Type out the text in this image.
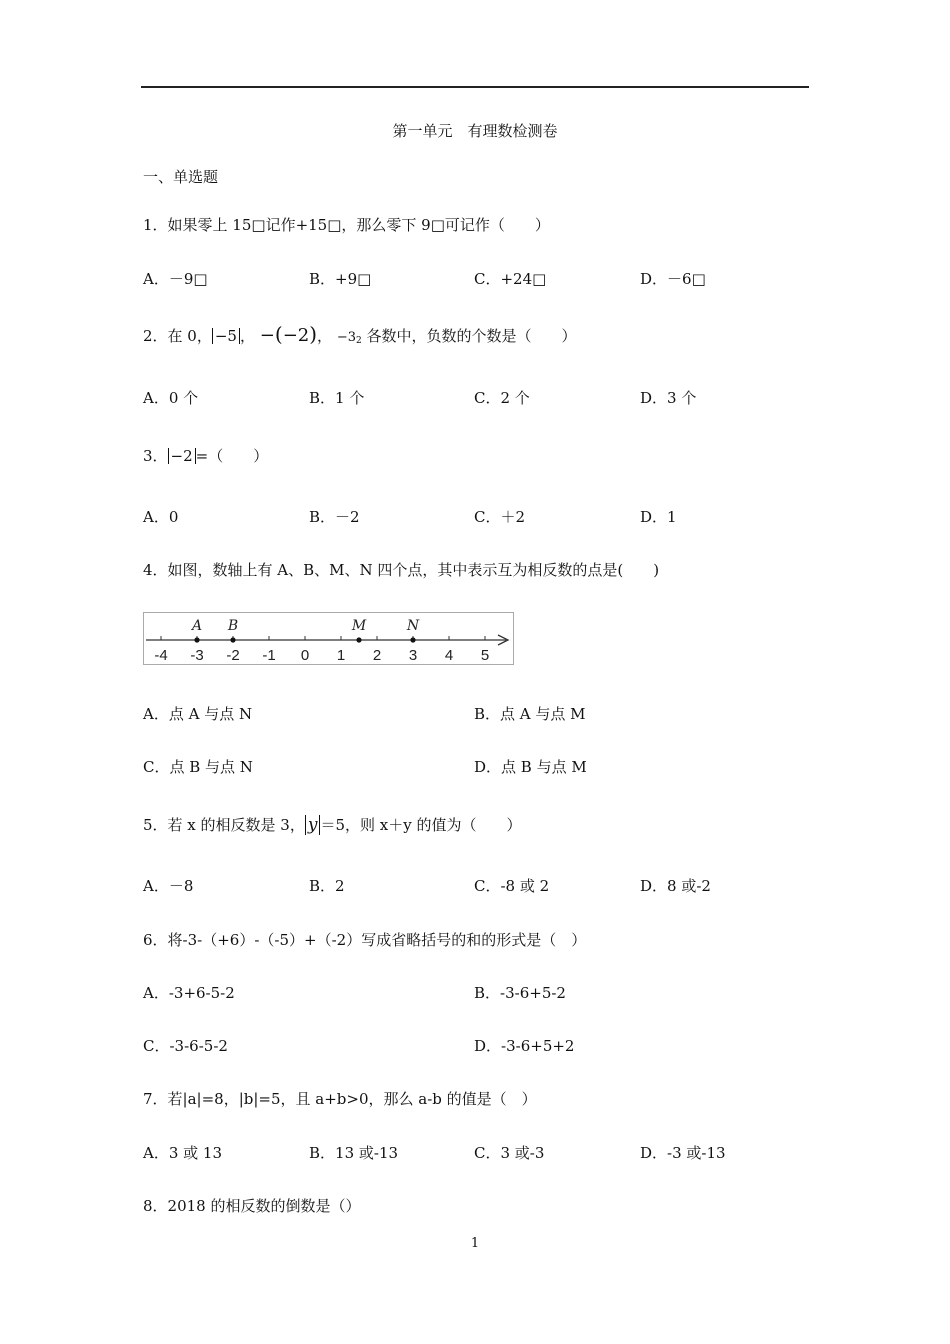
第一单元　有理数检测卷
一、单选题
1．如果零上 15□记作+15□，那么零下 9□可记作（　　）
A．－9□	B．+9□	C．+24□	D．－6□
2．在 0， −5 ， −(−2)， $-3_2$ 各数中，负数的个数是（　　）
A．0 个	B．1 个	C．2 个	D．3 个
3． −2 =（　　）
A．0	B．－2	C．＋2	D．1
4．如图，数轴上有 A、B、M、N 四个点，其中表示互为相反数的点是(　　)
-4 -3 -2 -1 0 1 2 3 4 5
A B	M	N
A．点 A 与点 N	B．点 A 与点 M
C．点 B 与点 N	D．点 B 与点 M
5．若 x 的相反数是 3， y ＝5，则 x＋y 的值为（　　）
A．－8	B．2	C．-8 或 2	D．8 或-2
6．将-3-（+6）-（-5）+（-2）写成省略括号的和的形式是（　）
A．-3+6-5-2	B．-3-6+5-2
C．-3-6-5-2	D．-3-6+5+2
7．若|a|=8，|b|=5，且 a+b>0，那么 a-b 的值是（　）
A．3 或 13	B．13 或-13	C．3 或-3	D．-3 或-13
8．2018 的相反数的倒数是（）
1
